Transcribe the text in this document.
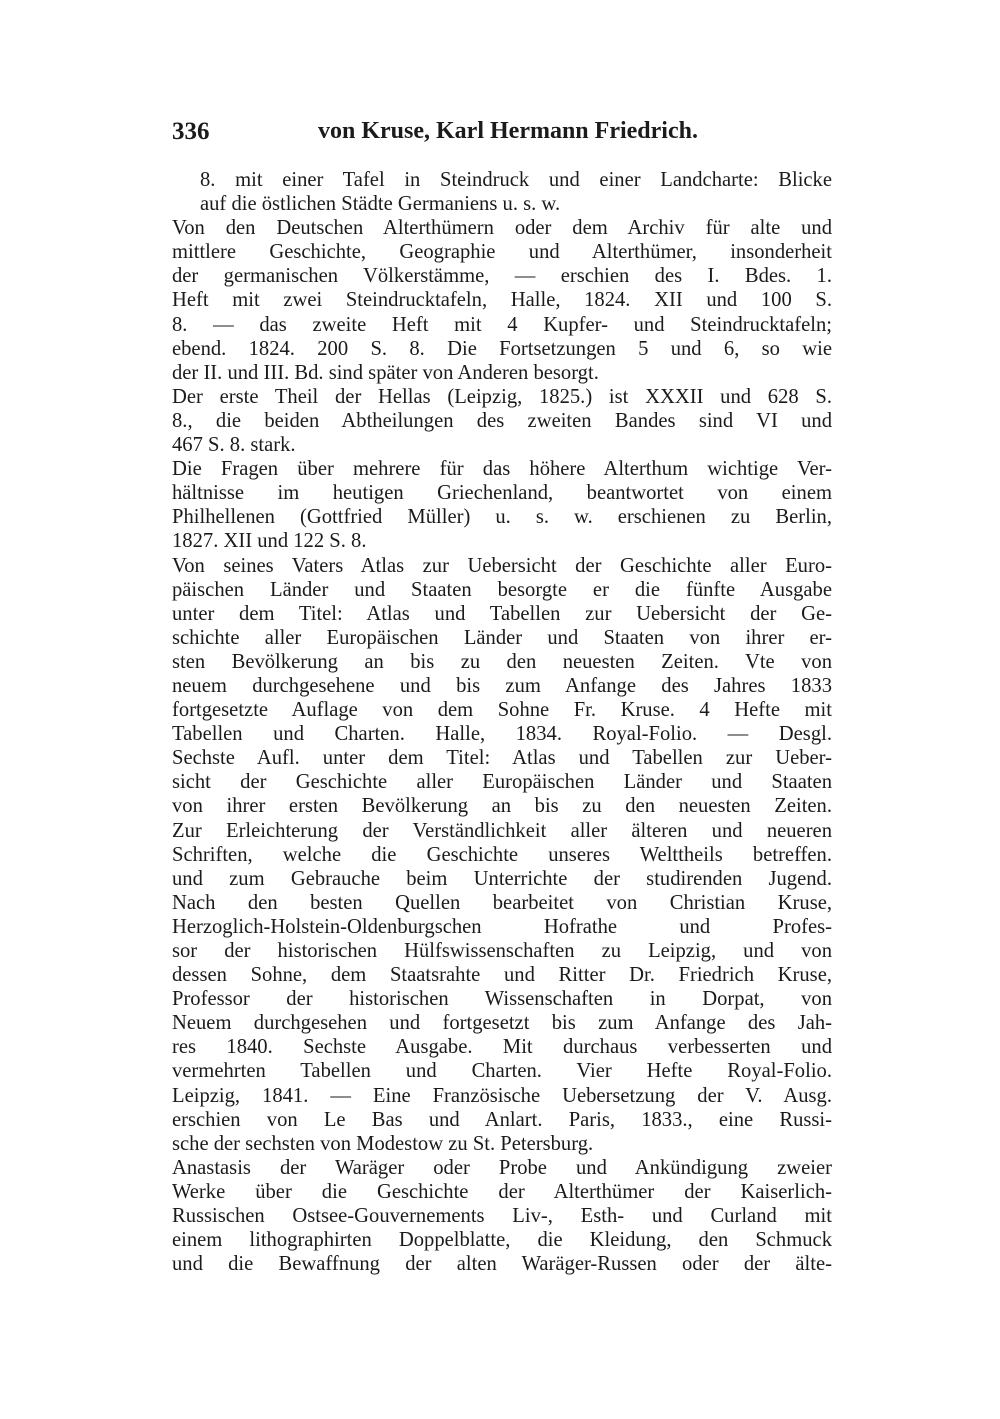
336	von Kruse, Karl Hermann Friedrich.

8. mit einer Tafel in Steindruck und einer Landcharte: Blicke
auf die östlichen Städte Germaniens u. s. w.

Von den Deutschen Alterthümern oder dem Archiv für alte und
mittlere Geschichte, Geographie und Alterthümer, insonderheit
der germanischen Völkerstämme, — erschien des I. Bdes. 1.
Heft mit zwei Steindrucktafeln, Halle, 1824. XII und 100 S.
8. — das zweite Heft mit 4 Kupfer- und Steindrucktafeln;
ebend. 1824. 200 S. 8. Die Fortsetzungen 5 und 6, so wie
der II. und III. Bd. sind später von Anderen besorgt.

Der erste Theil der Hellas (Leipzig, 1825.) ist XXXII und 628 S.
8., die beiden Abtheilungen des zweiten Bandes sind VI und
467 S. 8. stark.

Die Fragen über mehrere für das höhere Alterthum wichtige Ver-
hältnisse im heutigen Griechenland, beantwortet von einem
Philhellenen (Gottfried Müller) u. s. w. erschienen zu Berlin,
1827. XII und 122 S. 8.

Von seines Vaters Atlas zur Uebersicht der Geschichte aller Euro-
päischen Länder und Staaten besorgte er die fünfte Ausgabe
unter dem Titel: Atlas und Tabellen zur Uebersicht der Ge-
schichte aller Europäischen Länder und Staaten von ihrer er-
sten Bevölkerung an bis zu den neuesten Zeiten. Vte von
neuem durchgesehene und bis zum Anfange des Jahres 1833
fortgesetzte Auflage von dem Sohne Fr. Kruse. 4 Hefte mit
Tabellen und Charten. Halle, 1834. Royal-Folio. — Desgl.
Sechste Aufl. unter dem Titel: Atlas und Tabellen zur Ueber-
sicht der Geschichte aller Europäischen Länder und Staaten
von ihrer ersten Bevölkerung an bis zu den neuesten Zeiten.
Zur Erleichterung der Verständlichkeit aller älteren und neueren
Schriften, welche die Geschichte unseres Welttheils betreffen.
und zum Gebrauche beim Unterrichte der studirenden Jugend.
Nach den besten Quellen bearbeitet von Christian Kruse,
Herzoglich-Holstein-Oldenburgschen Hofrathe und Profes-
sor der historischen Hülfswissenschaften zu Leipzig, und von
dessen Sohne, dem Staatsrahte und Ritter Dr. Friedrich Kruse,
Professor der historischen Wissenschaften in Dorpat, von
Neuem durchgesehen und fortgesetzt bis zum Anfange des Jah-
res 1840. Sechste Ausgabe. Mit durchaus verbesserten und
vermehrten Tabellen und Charten. Vier Hefte Royal-Folio.
Leipzig, 1841. — Eine Französische Uebersetzung der V. Ausg.
erschien von Le Bas und Anlart. Paris, 1833., eine Russi-
sche der sechsten von Modestow zu St. Petersburg.

Anastasis der Waräger oder Probe und Ankündigung zweier
Werke über die Geschichte der Alterthümer der Kaiserlich-
Russischen Ostsee-Gouvernements Liv-, Esth- und Curland mit
einem lithographirten Doppelblatte, die Kleidung, den Schmuck
und die Bewaffnung der alten Waräger-Russen oder der älte-
